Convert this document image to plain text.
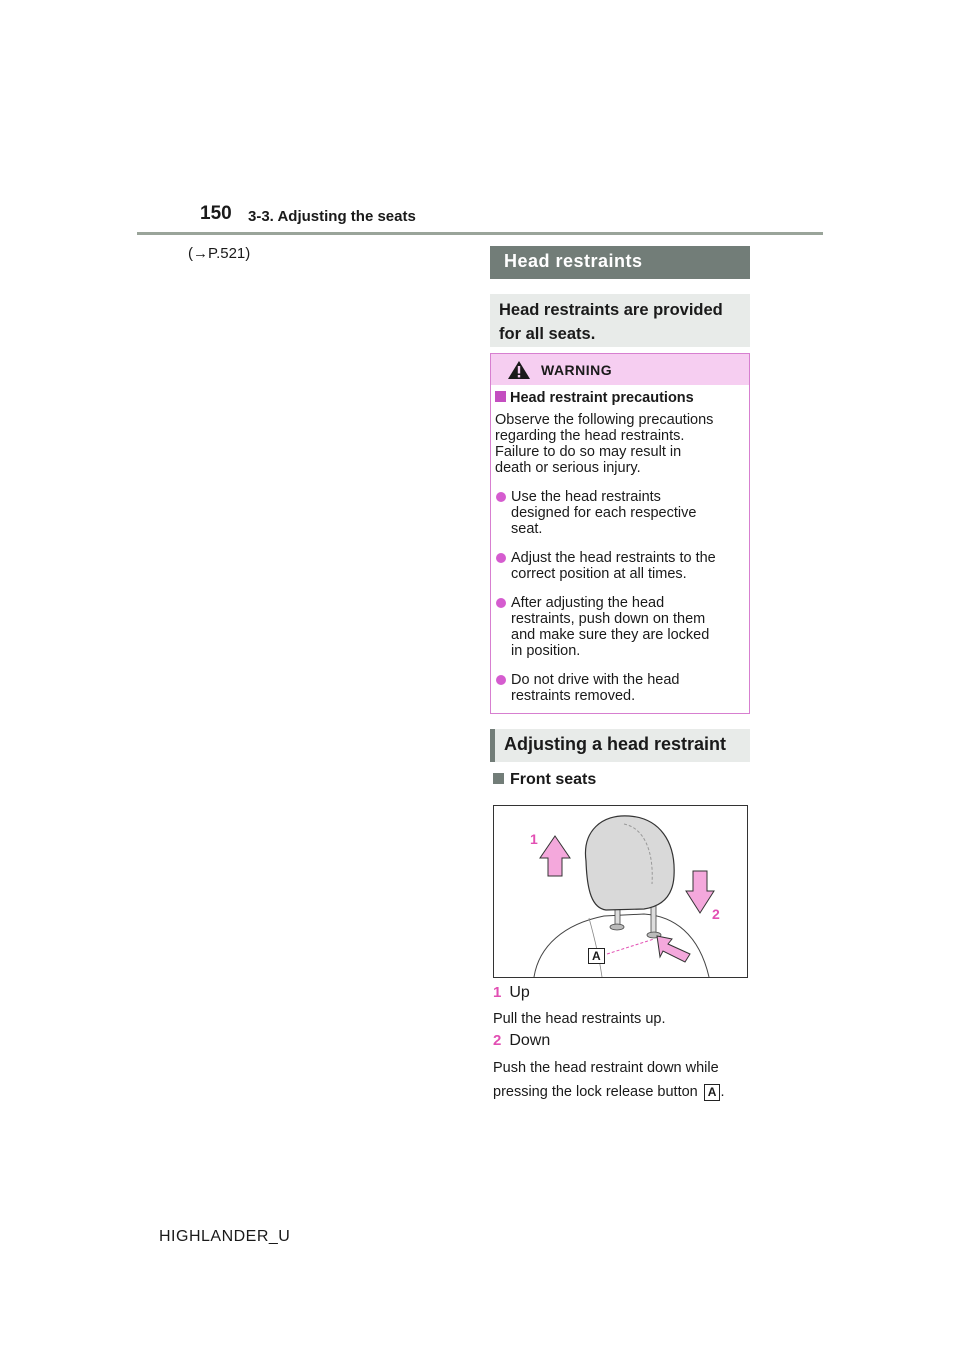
150 3-3. Adjusting the seats
(→P.521)	Head restraints
Head restraints are provided
for all seats.
WARNING
Head restraint precautions
Observe the following precautions
regarding the head restraints.
Failure to do so may result in
death or serious injury.
Use the head restraints
designed for each respective
seat.
Adjust the head restraints to the
correct position at all times.
After adjusting the head
restraints, push down on them
and make sure they are locked
in position.
Do not drive with the head
restraints removed.
Adjusting a head restraint
Front seats
1
2
A
1 Up
Pull the head restraints up.
2 Down
Push the head restraint down while
pressing the lock release button A .
HIGHLANDER_U
